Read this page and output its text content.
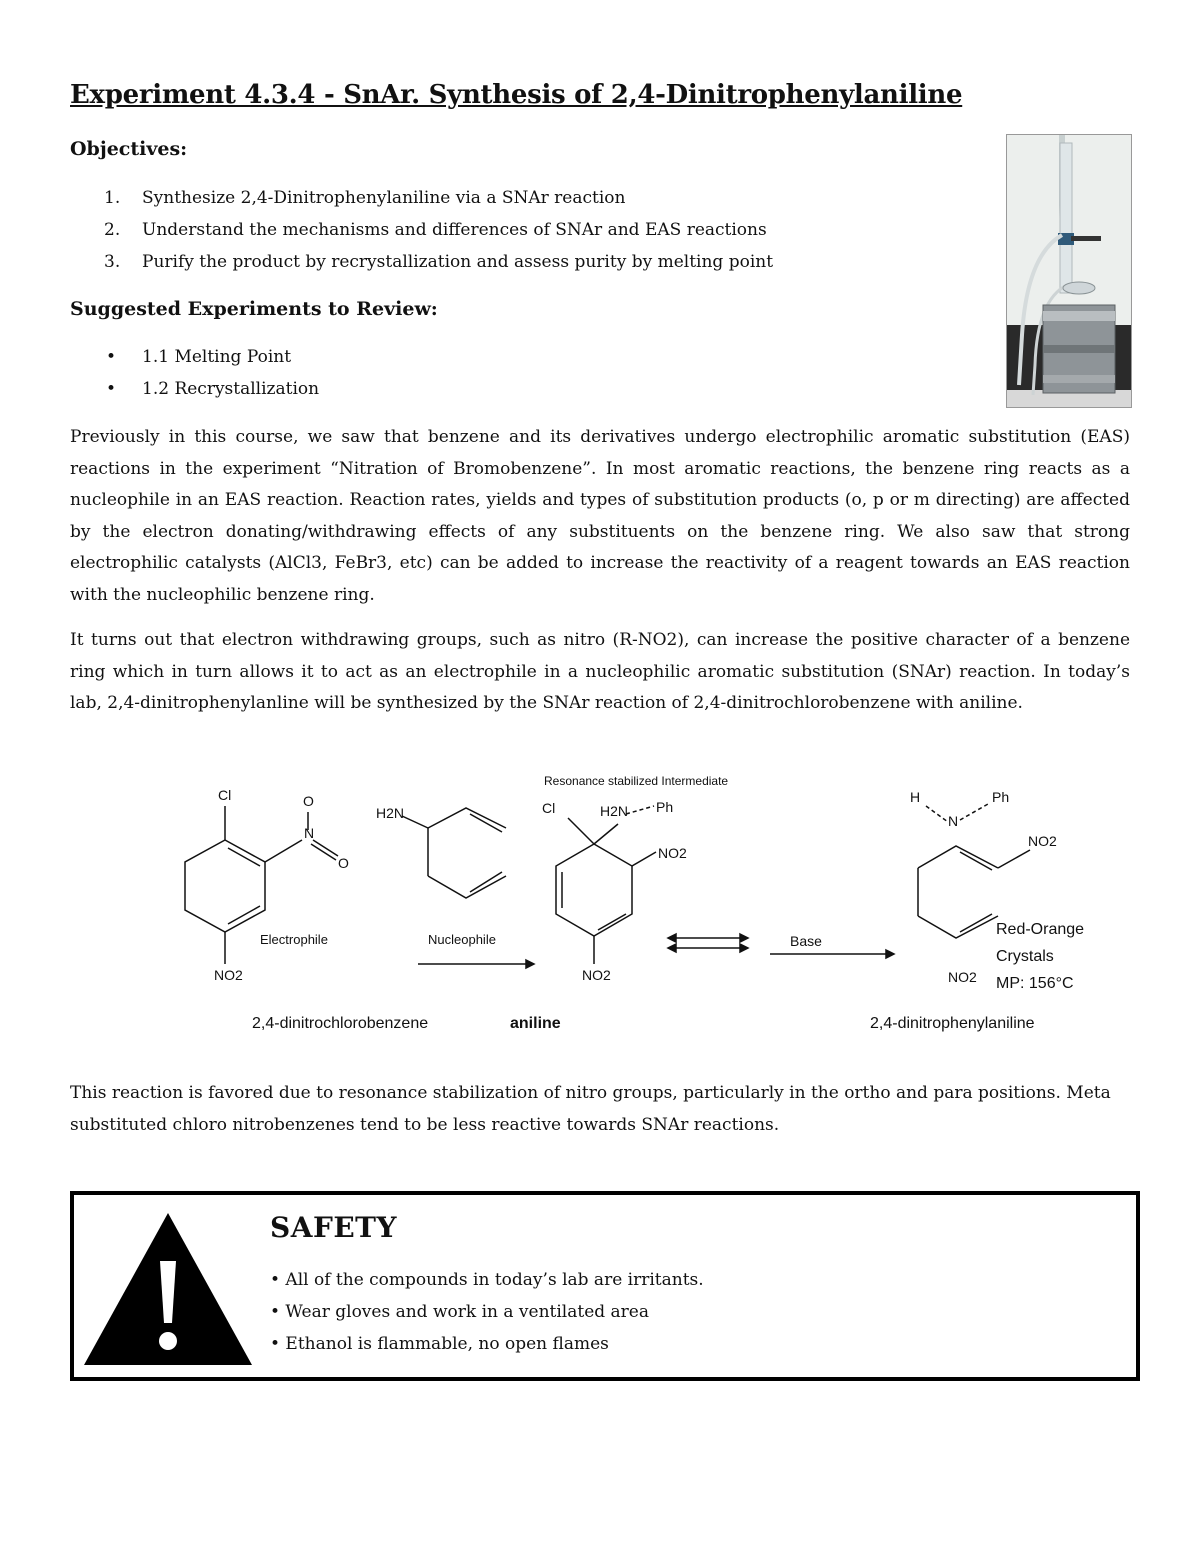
Experiment 4.3.4 - SnAr. Synthesis of 2,4-Dinitrophenylaniline
Objectives:
1.	Synthesize 2,4-Dinitrophenylaniline via a SNAr reaction
2.	Understand the mechanisms and differences of SNAr and EAS reactions
3.	Purify the product by recrystallization and assess purity by melting point
Suggested Experiments to Review:
•	1.1 Melting Point
•	1.2 Recrystallization

Previously in this course, we saw that benzene and its derivatives undergo electrophilic aromatic substitution (EAS) reactions in the experiment “Nitration of Bromobenzene”. In most aromatic reactions, the benzene ring reacts as a nucleophile in an EAS reaction. Reaction rates, yields and types of substitution products (o, p or m directing) are affected by the electron donating/withdrawing effects of any substituents on the benzene ring. We also saw that strong electrophilic catalysts (AlCl3, FeBr3, etc) can be added to increase the reactivity of a reagent towards an EAS reaction with the nucleophilic benzene ring.

It turns out that electron withdrawing groups, such as nitro (R-NO2), can increase the positive character of a benzene ring which in turn allows it to act as an electrophile in a nucleophilic aromatic substitution (SNAr) reaction. In today’s lab, 2,4-dinitrophenylanline will be synthesized by the SNAr reaction of 2,4-dinitrochlorobenzene with aniline.

Cl	O
N
O
NO2
Electrophile
H2N
Nucleophile
Cl	H2N Ph
NO2
NO2
Base
H
N
Ph
NO2
NO2
Red-Orange
Crystals
MP: 156°C
2,4-dinitrochlorobenzene	aniline	2,4-dinitrophenylaniline
Resonance stabilized Intermediate

This reaction is favored due to resonance stabilization of nitro groups, particularly in the ortho and para positions. Meta substituted chloro nitrobenzenes tend to be less reactive towards SNAr reactions.

SAFETY
• All of the compounds in today’s lab are irritants.
• Wear gloves and work in a ventilated area
• Ethanol is flammable, no open flames
